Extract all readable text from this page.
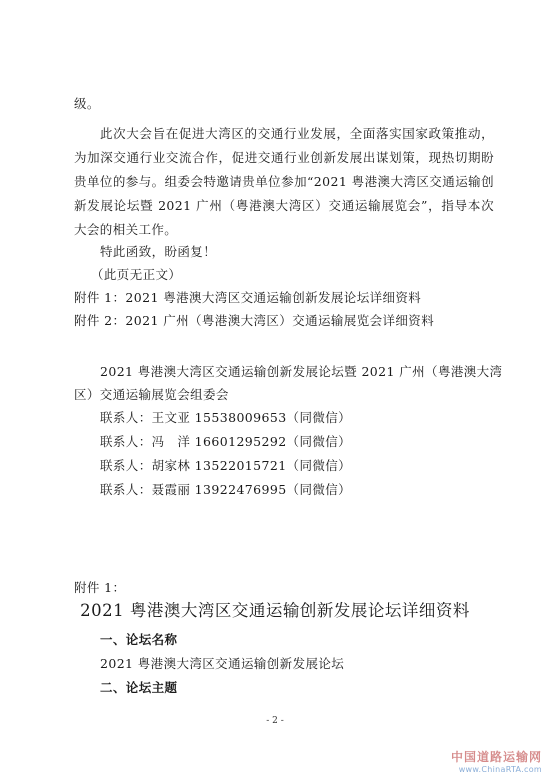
级。
此次大会旨在促进大湾区的交通行业发展，全面落实国家政策推动，为加深交通行业交流合作，促进交通行业创新发展出谋划策，现热切期盼贵单位的参与。组委会特邀请贵单位参加“2021 粤港澳大湾区交通运输创新发展论坛暨 2021 广州（粤港澳大湾区）交通运输展览会”，指导本次大会的相关工作。
特此函致，盼函复！
（此页无正文）
附件 1：2021 粤港澳大湾区交通运输创新发展论坛详细资料
附件 2：2021 广州（粤港澳大湾区）交通运输展览会详细资料
2021 粤港澳大湾区交通运输创新发展论坛暨 2021 广州（粤港澳大湾
区）交通运输展览会组委会
联系人：王文亚 15538009653（同微信）
联系人：冯　洋 16601295292（同微信）
联系人：胡家林 13522015721（同微信）
联系人：聂霞丽 13922476995（同微信）
附件 1：
2021 粤港澳大湾区交通运输创新发展论坛详细资料
一、论坛名称
2021 粤港澳大湾区交通运输创新发展论坛
二、论坛主题
- 2 -
中国道路运输网
www.ChinaRTA.com
